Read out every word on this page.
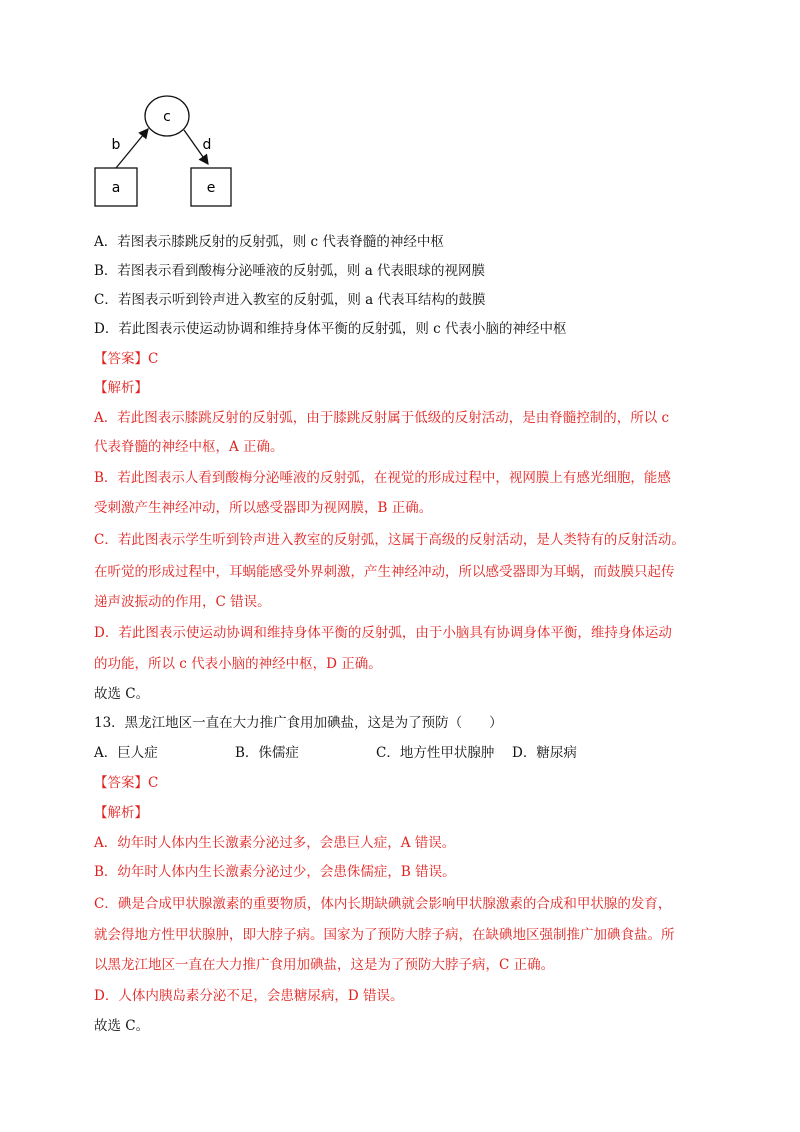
c
a	e
b	d
A．若图表示膝跳反射的反射弧，则 c 代表脊髓的神经中枢
B．若图表示看到酸梅分泌唾液的反射弧，则 a 代表眼球的视网膜
C．若图表示听到铃声进入教室的反射弧，则 a 代表耳结构的鼓膜
D．若此图表示使运动协调和维持身体平衡的反射弧，则 c 代表小脑的神经中枢
【答案】C
【解析】
A．若此图表示膝跳反射的反射弧，由于膝跳反射属于低级的反射活动，是由脊髓控制的，所以 c
代表脊髓的神经中枢，A 正确。
B．若此图表示人看到酸梅分泌唾液的反射弧，在视觉的形成过程中，视网膜上有感光细胞，能感
受刺激产生神经冲动，所以感受器即为视网膜，B 正确。
C．若此图表示学生听到铃声进入教室的反射弧，这属于高级的反射活动，是人类特有的反射活动。
在听觉的形成过程中，耳蜗能感受外界刺激，产生神经冲动，所以感受器即为耳蜗，而鼓膜只起传
递声波振动的作用，C 错误。
D．若此图表示使运动协调和维持身体平衡的反射弧，由于小脑具有协调身体平衡，维持身体运动
的功能，所以 c 代表小脑的神经中枢，D 正确。
故选 C。
13．黑龙江地区一直在大力推广食用加碘盐，这是为了预防（　　）
A．巨人症	B．侏儒症	C．地方性甲状腺肿 D．糖尿病
【答案】C
【解析】
A．幼年时人体内生长激素分泌过多，会患巨人症，A 错误。
B．幼年时人体内生长激素分泌过少，会患侏儒症，B 错误。
C．碘是合成甲状腺激素的重要物质，体内长期缺碘就会影响甲状腺激素的合成和甲状腺的发育，
就会得地方性甲状腺肿，即大脖子病。国家为了预防大脖子病，在缺碘地区强制推广加碘食盐。所
以黑龙江地区一直在大力推广食用加碘盐，这是为了预防大脖子病，C 正确。
D．人体内胰岛素分泌不足，会患糖尿病，D 错误。
故选 C。
